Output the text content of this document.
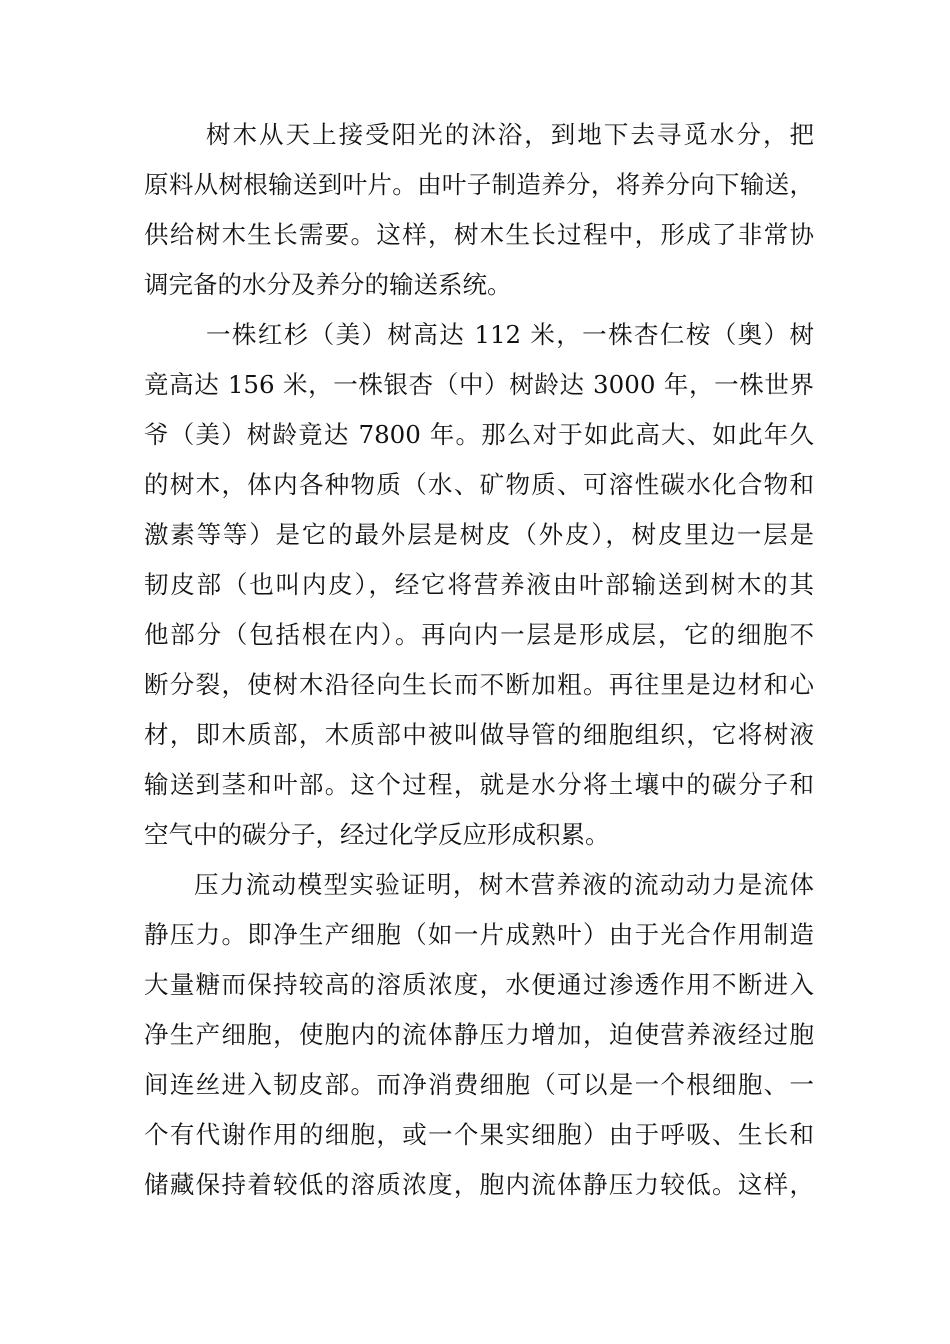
树木从天上接受阳光的沐浴，到地下去寻觅水分，把
原料从树根输送到叶片。由叶子制造养分，将养分向下输送，
供给树木生长需要。这样，树木生长过程中，形成了非常协
调完备的水分及养分的输送系统。
一株红杉（美）树高达 112 米，一株杏仁桉（奥）树
竟高达 156 米，一株银杏（中）树龄达 3000 年，一株世界
爷（美）树龄竟达 7800 年。那么对于如此高大、如此年久
的树木，体内各种物质（水、矿物质、可溶性碳水化合物和
激素等等）是它的最外层是树皮（外皮），树皮里边一层是
韧皮部（也叫内皮），经它将营养液由叶部输送到树木的其
他部分（包括根在内）。再向内一层是形成层，它的细胞不
断分裂，使树木沿径向生长而不断加粗。再往里是边材和心
材，即木质部，木质部中被叫做导管的细胞组织，它将树液
输送到茎和叶部。这个过程，就是水分将土壤中的碳分子和
空气中的碳分子，经过化学反应形成积累。
压力流动模型实验证明，树木营养液的流动动力是流体
静压力。即净生产细胞（如一片成熟叶）由于光合作用制造
大量糖而保持较高的溶质浓度，水便通过渗透作用不断进入
净生产细胞，使胞内的流体静压力增加，迫使营养液经过胞
间连丝进入韧皮部。而净消费细胞（可以是一个根细胞、一
个有代谢作用的细胞，或一个果实细胞）由于呼吸、生长和
储藏保持着较低的溶质浓度，胞内流体静压力较低。这样，
